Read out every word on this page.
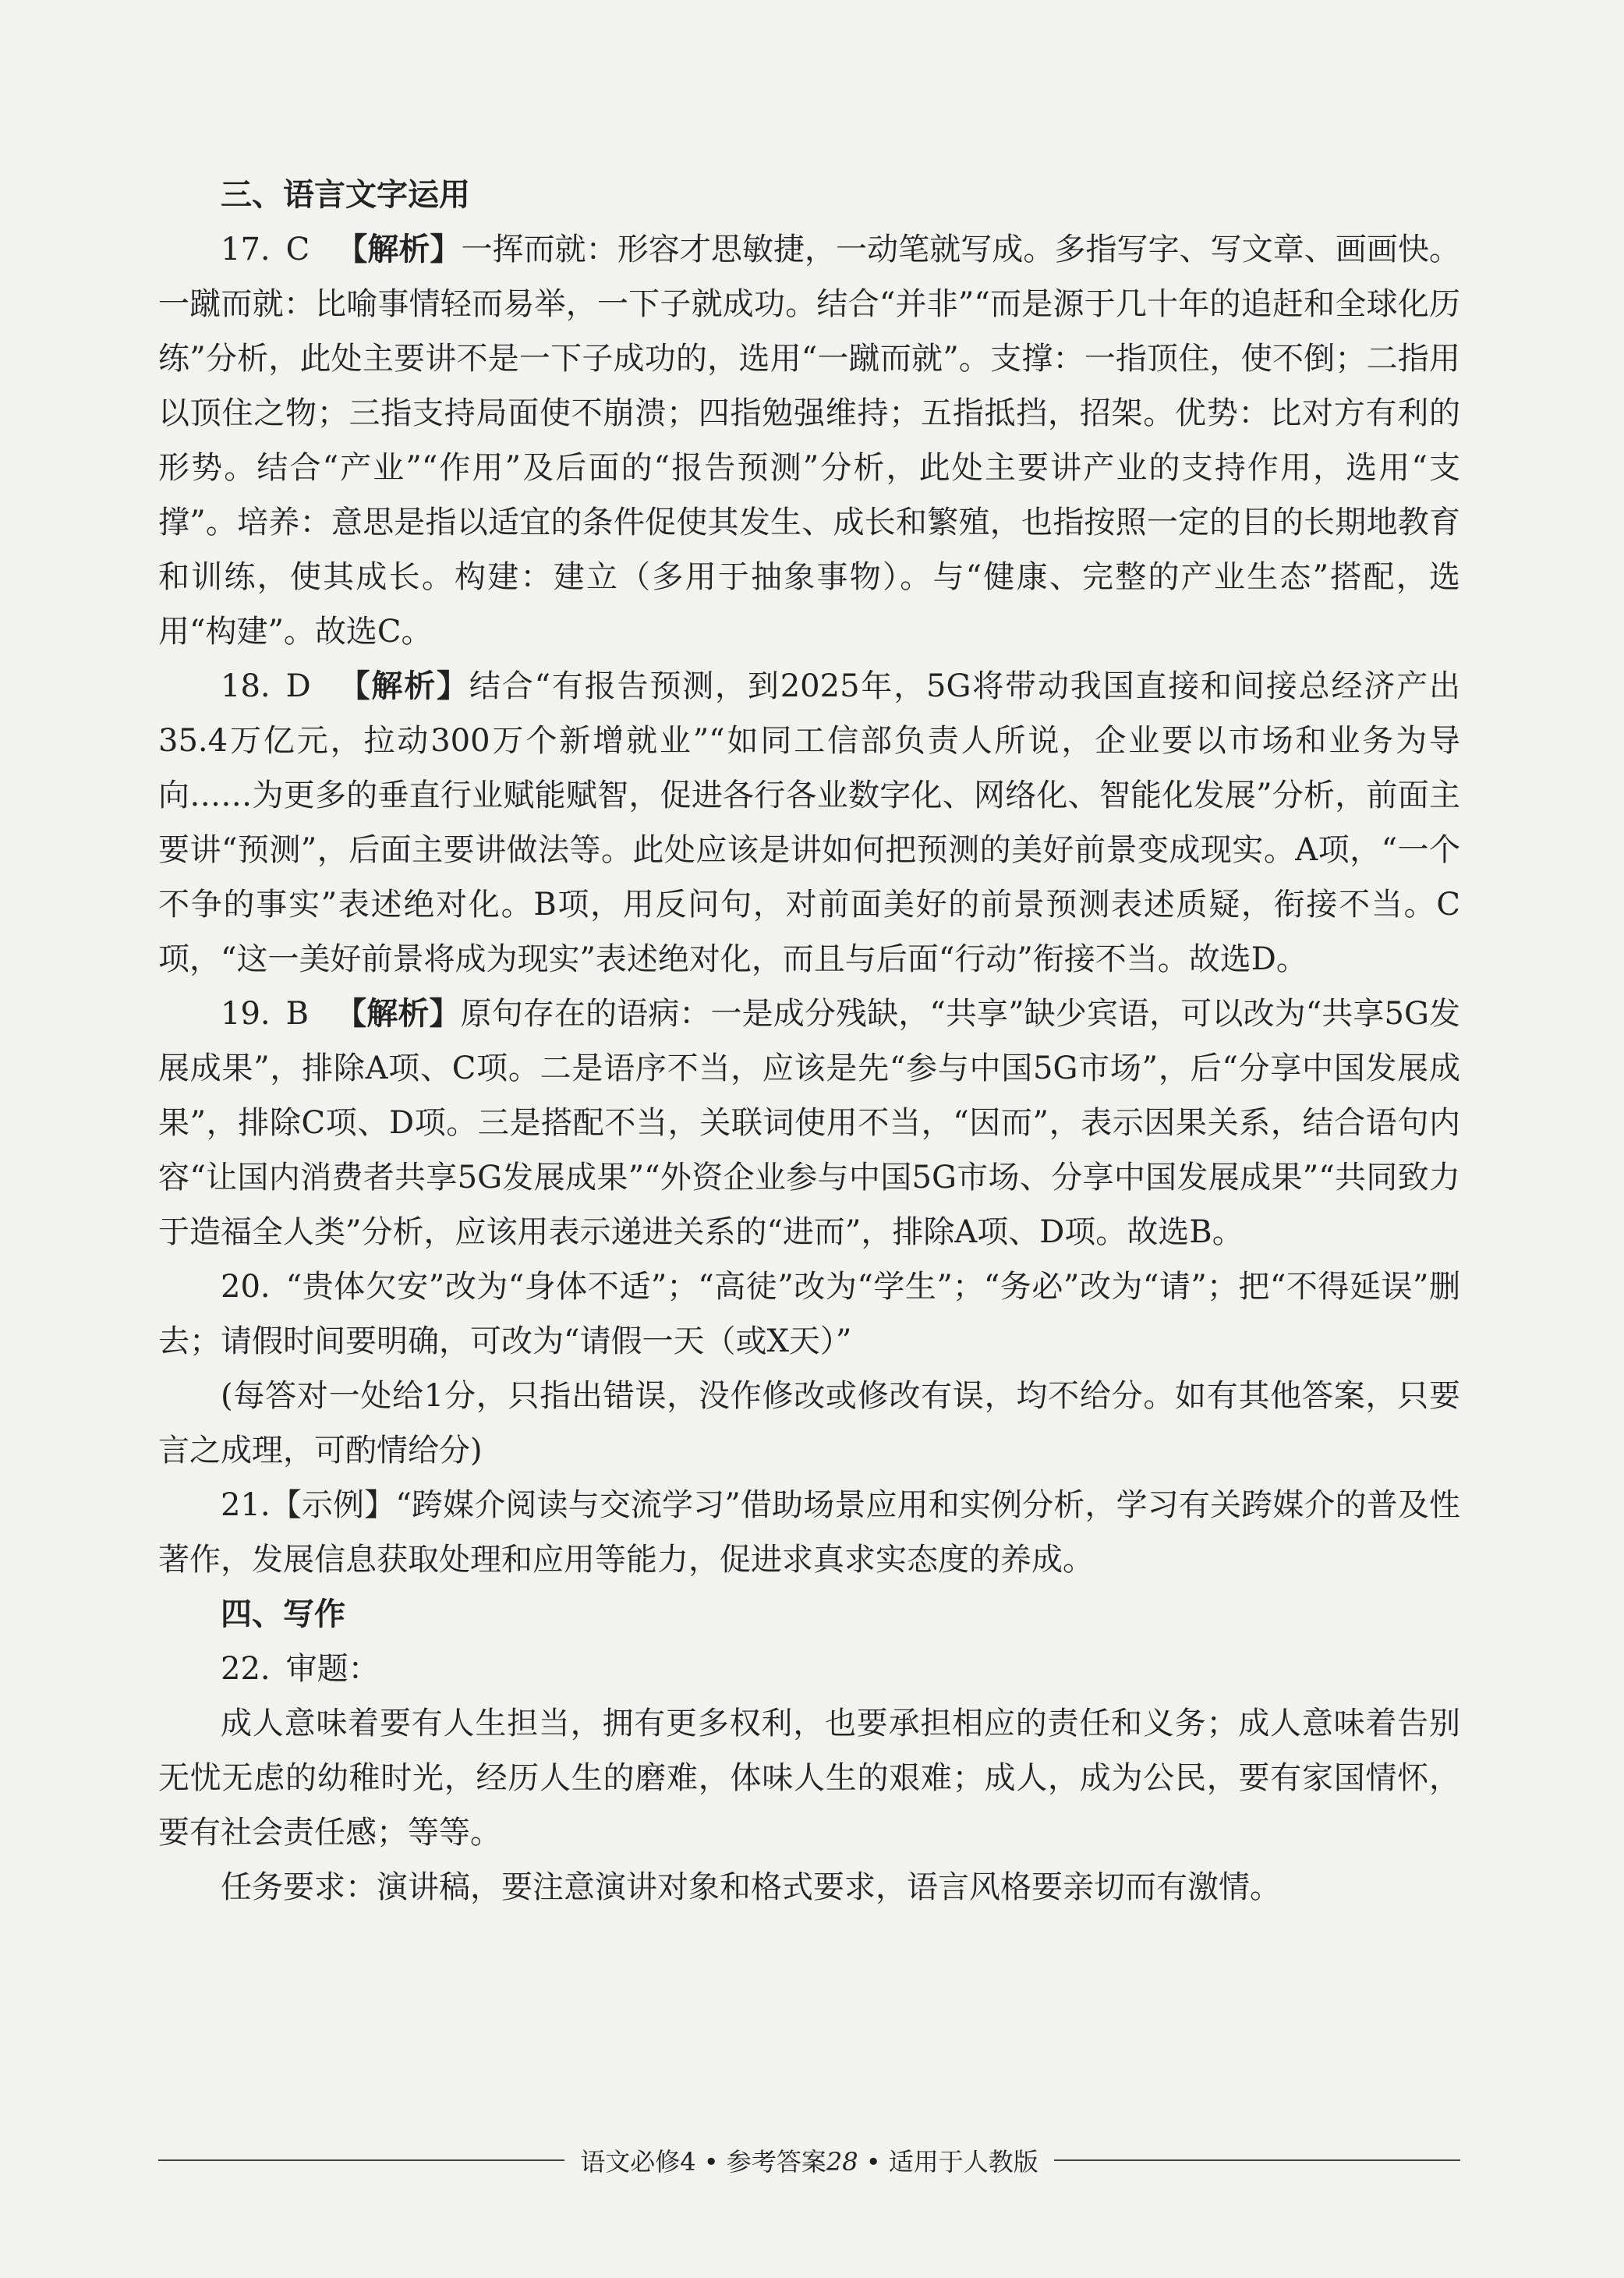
三、语言文字运用

17. C 【解析】一挥而就：形容才思敏捷，一动笔就写成。多指写字、写文章、画画快。一蹴而就：比喻事情轻而易举，一下子就成功。结合“并非”“而是源于几十年的追赶和全球化历练”分析，此处主要讲不是一下子成功的，选用“一蹴而就”。支撑：一指顶住，使不倒；二指用以顶住之物；三指支持局面使不崩溃；四指勉强维持；五指抵挡，招架。优势：比对方有利的形势。结合“产业”“作用”及后面的“报告预测”分析，此处主要讲产业的支持作用，选用“支撑”。培养：意思是指以适宜的条件促使其发生、成长和繁殖，也指按照一定的目的长期地教育和训练，使其成长。构建：建立（多用于抽象事物）。与“健康、完整的产业生态”搭配，选用“构建”。故选C。

18. D 【解析】结合“有报告预测，到2025年，5G将带动我国直接和间接总经济产出35.4万亿元，拉动300万个新增就业”“如同工信部负责人所说，企业要以市场和业务为导向……为更多的垂直行业赋能赋智，促进各行各业数字化、网络化、智能化发展”分析，前面主要讲“预测”，后面主要讲做法等。此处应该是讲如何把预测的美好前景变成现实。A项，“一个不争的事实”表述绝对化。B项，用反问句，对前面美好的前景预测表述质疑，衔接不当。C项，“这一美好前景将成为现实”表述绝对化，而且与后面“行动”衔接不当。故选D。

19. B 【解析】原句存在的语病：一是成分残缺，“共享”缺少宾语，可以改为“共享5G发展成果”，排除A项、C项。二是语序不当，应该是先“参与中国5G市场”，后“分享中国发展成果”，排除C项、D项。三是搭配不当，关联词使用不当，“因而”，表示因果关系，结合语句内容“让国内消费者共享5G发展成果”“外资企业参与中国5G市场、分享中国发展成果”“共同致力于造福全人类”分析，应该用表示递进关系的“进而”，排除A项、D项。故选B。

20. “贵体欠安”改为“身体不适”；“高徒”改为“学生”；“务必”改为“请”；把“不得延误”删去；请假时间要明确，可改为“请假一天（或X天）”

(每答对一处给1分，只指出错误，没作修改或修改有误，均不给分。如有其他答案，只要言之成理，可酌情给分)

21.【示例】“跨媒介阅读与交流学习”借助场景应用和实例分析，学习有关跨媒介的普及性著作，发展信息获取处理和应用等能力，促进求真求实态度的养成。

四、写作

22. 审题：

成人意味着要有人生担当，拥有更多权利，也要承担相应的责任和义务；成人意味着告别无忧无虑的幼稚时光，经历人生的磨难，体味人生的艰难；成人，成为公民，要有家国情怀，要有社会责任感；等等。

任务要求：演讲稿，要注意演讲对象和格式要求，语言风格要亲切而有激情。

语文必修4 • 参考答案28 • 适用于人教版
